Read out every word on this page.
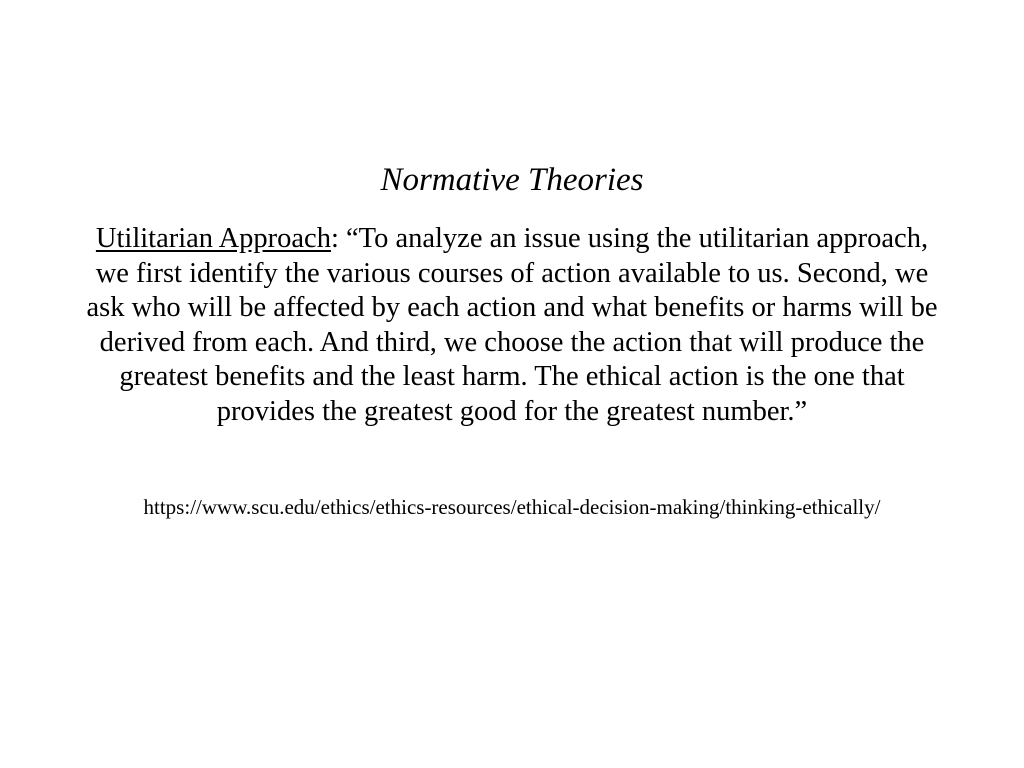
Normative Theories
Utilitarian Approach: “To analyze an issue using the utilitarian approach, we first identify the various courses of action available to us. Second, we ask who will be affected by each action and what benefits or harms will be derived from each. And third, we choose the action that will produce the greatest benefits and the least harm. The ethical action is the one that provides the greatest good for the greatest number.”
https://www.scu.edu/ethics/ethics-resources/ethical-decision-making/thinking-ethically/
